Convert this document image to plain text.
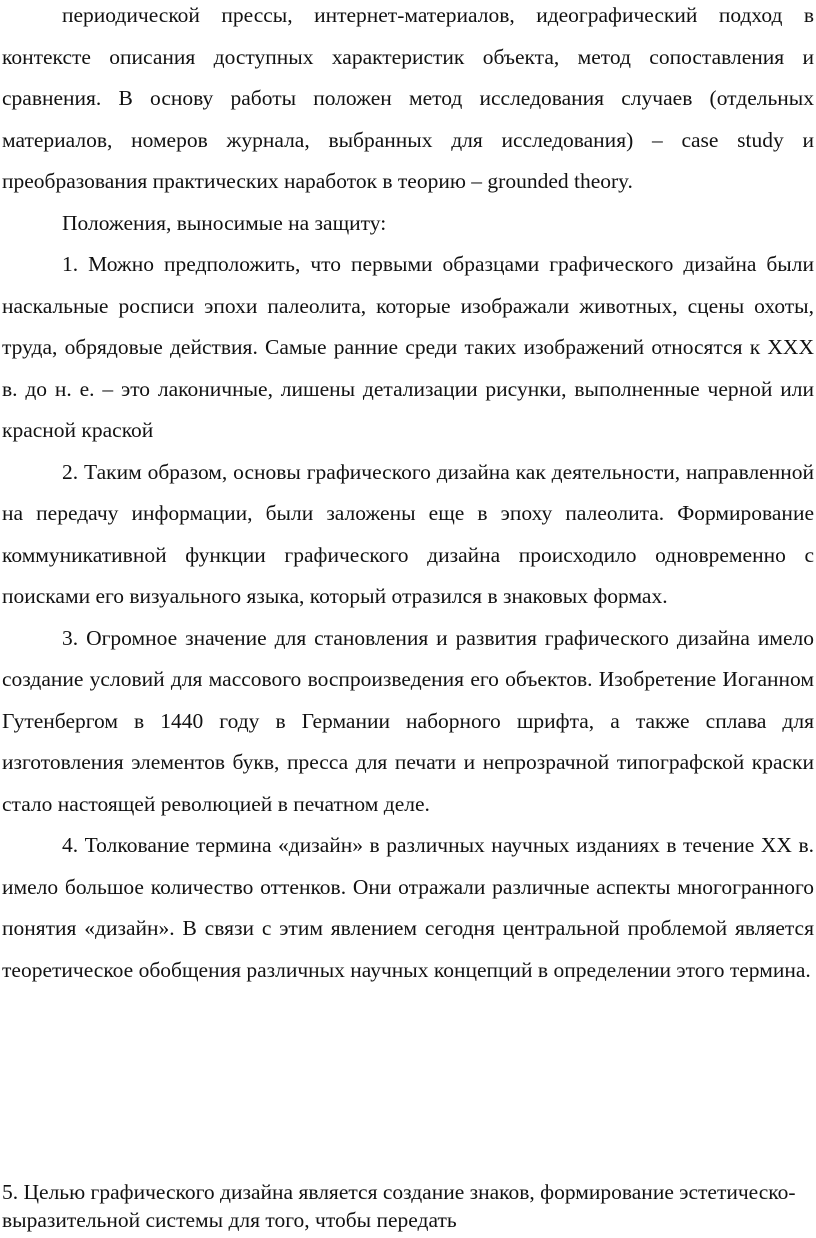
периодической прессы, интернет-материалов, идеографический подход в контексте описания доступных характеристик объекта, метод сопоставления и сравнения. В основу работы положен метод исследования случаев (отдельных материалов, номеров журнала, выбранных для исследования) – case study и преобразования практических наработок в теорию – grounded theory.

Положения, выносимые на защиту:

1. Можно предположить, что первыми образцами графического дизайна были наскальные росписи эпохи палеолита, которые изображали животных, сцены охоты, труда, обрядовые действия. Самые ранние среди таких изображений относятся к XXX в. до н. е. – это лаконичные, лишены детализации рисунки, выполненные черной или красной краской

2. Таким образом, основы графического дизайна как деятельности, направленной на передачу информации, были заложены еще в эпоху палеолита. Формирование коммуникативной функции графического дизайна происходило одновременно с поисками его визуального языка, который отразился в знаковых формах.

3. Огромное значение для становления и развития графического дизайна имело создание условий для массового воспроизведения его объектов. Изобретение Иоганном Гутенбергом в 1440 году в Германии наборного шрифта, а также сплава для изготовления элементов букв, пресса для печати и непрозрачной типографской краски стало настоящей революцией в печатном деле.

4. Толкование термина «дизайн» в различных научных изданиях в течение XX в. имело большое количество оттенков. Они отражали различные аспекты многогранного понятия «дизайн». В связи с этим явлением сегодня центральной проблемой является теоретическое обобщения различных научных концепций в определении этого термина.

5. Целью графического дизайна является создание знаков, формирование эстетическо-выразительной системы для того, чтобы передать
